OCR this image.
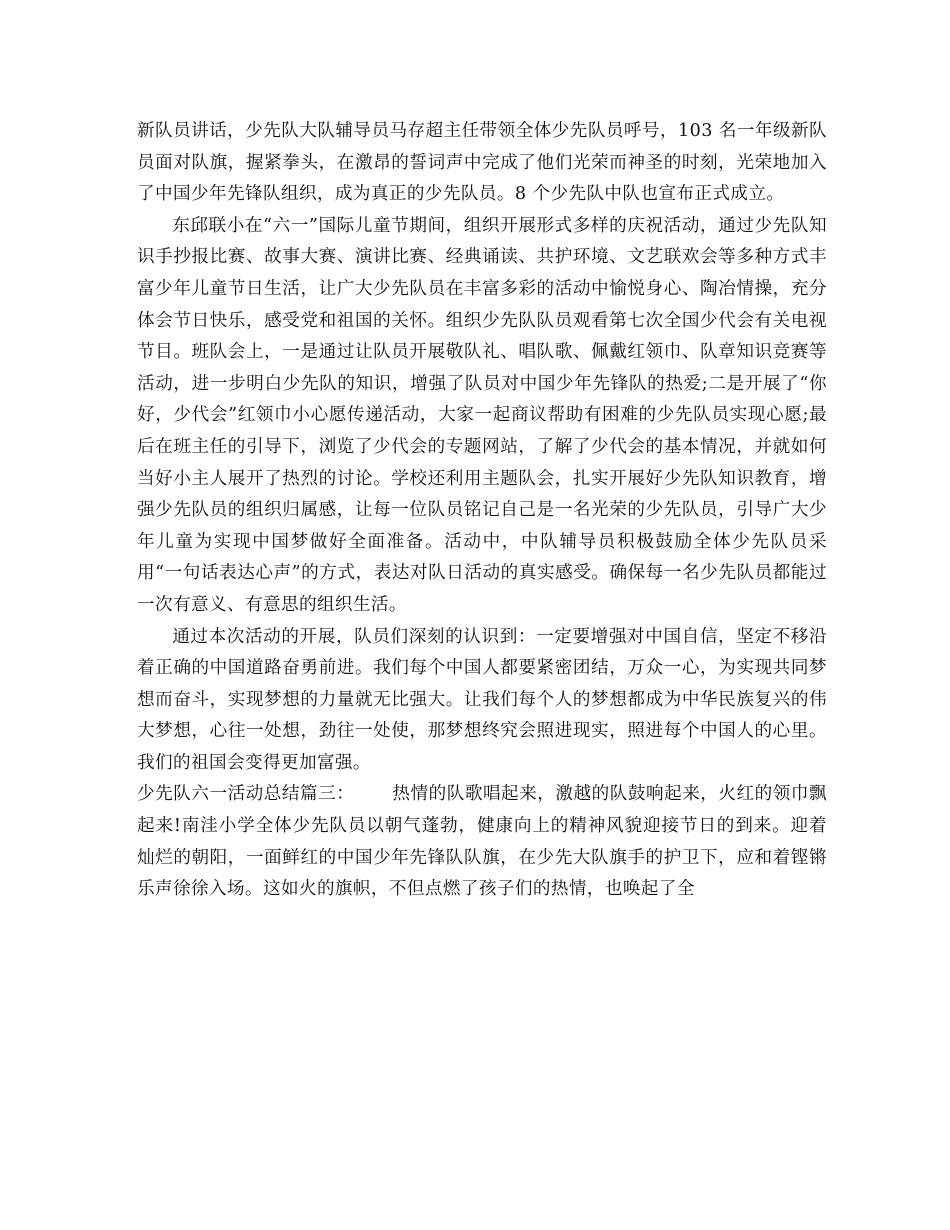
新队员讲话，少先队大队辅导员马存超主任带领全体少先队员呼号，103 名一年级新队员面对队旗，握紧拳头，在激昂的誓词声中完成了他们光荣而神圣的时刻，光荣地加入了中国少年先锋队组织，成为真正的少先队员。8 个少先队中队也宣布正式成立。

东邱联小在“六一”国际儿童节期间，组织开展形式多样的庆祝活动，通过少先队知识手抄报比赛、故事大赛、演讲比赛、经典诵读、共护环境、文艺联欢会等多种方式丰富少年儿童节日生活，让广大少先队员在丰富多彩的活动中愉悦身心、陶冶情操，充分体会节日快乐，感受党和祖国的关怀。组织少先队队员观看第七次全国少代会有关电视节目。班队会上，一是通过让队员开展敬队礼、唱队歌、佩戴红领巾、队章知识竞赛等活动，进一步明白少先队的知识，增强了队员对中国少年先锋队的热爱;二是开展了“你好，少代会”红领巾小心愿传递活动，大家一起商议帮助有困难的少先队员实现心愿;最后在班主任的引导下，浏览了少代会的专题网站，了解了少代会的基本情况，并就如何当好小主人展开了热烈的讨论。学校还利用主题队会，扎实开展好少先队知识教育，增强少先队员的组织归属感，让每一位队员铭记自己是一名光荣的少先队员，引导广大少年儿童为实现中国梦做好全面准备。活动中，中队辅导员积极鼓励全体少先队员采用“一句话表达心声”的方式，表达对队日活动的真实感受。确保每一名少先队员都能过一次有意义、有意思的组织生活。

通过本次活动的开展，队员们深刻的认识到：一定要增强对中国自信，坚定不移沿着正确的中国道路奋勇前进。我们每个中国人都要紧密团结，万众一心，为实现共同梦想而奋斗，实现梦想的力量就无比强大。让我们每个人的梦想都成为中华民族复兴的伟大梦想，心往一处想，劲往一处使，那梦想终究会照进现实，照进每个中国人的心里。我们的祖国会变得更加富强。

少先队六一活动总结篇三： 热情的队歌唱起来，激越的队鼓响起来，火红的领巾飘起来!南洼小学全体少先队员以朝气蓬勃，健康向上的精神风貌迎接节日的到来。迎着灿烂的朝阳，一面鲜红的中国少年先锋队队旗，在少先大队旗手的护卫下，应和着铿锵乐声徐徐入场。这如火的旗帜，不但点燃了孩子们的热情，也唤起了全
